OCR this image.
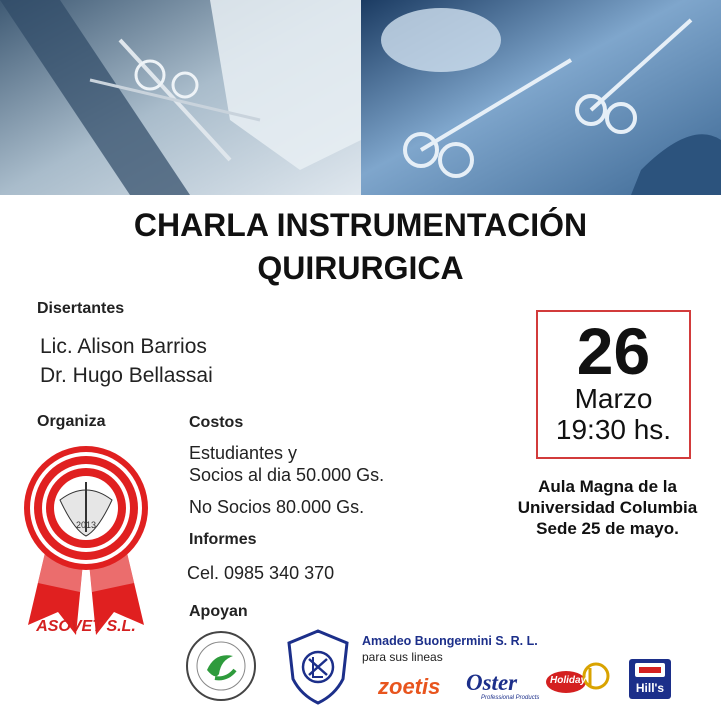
CHARLA INSTRUMENTACIÓN
QUIRURGICA
Disertantes
Lic. Alison Barrios
Dr. Hugo Bellassai
Organiza
2013
ASOVET S.L.
Costos
Estudiantes y
Socios al dia 50.000 Gs.
No Socios 80.000 Gs.
Informes
Cel. 0985 340 370
26
Marzo
19:30 hs.
Aula Magna de la
Universidad Columbia
Sede 25 de mayo.
Apoyan
Amadeo Buongermini S. R. L.
para sus lineas
zoetis Oster
Professional Products
Holiday
Hill's
